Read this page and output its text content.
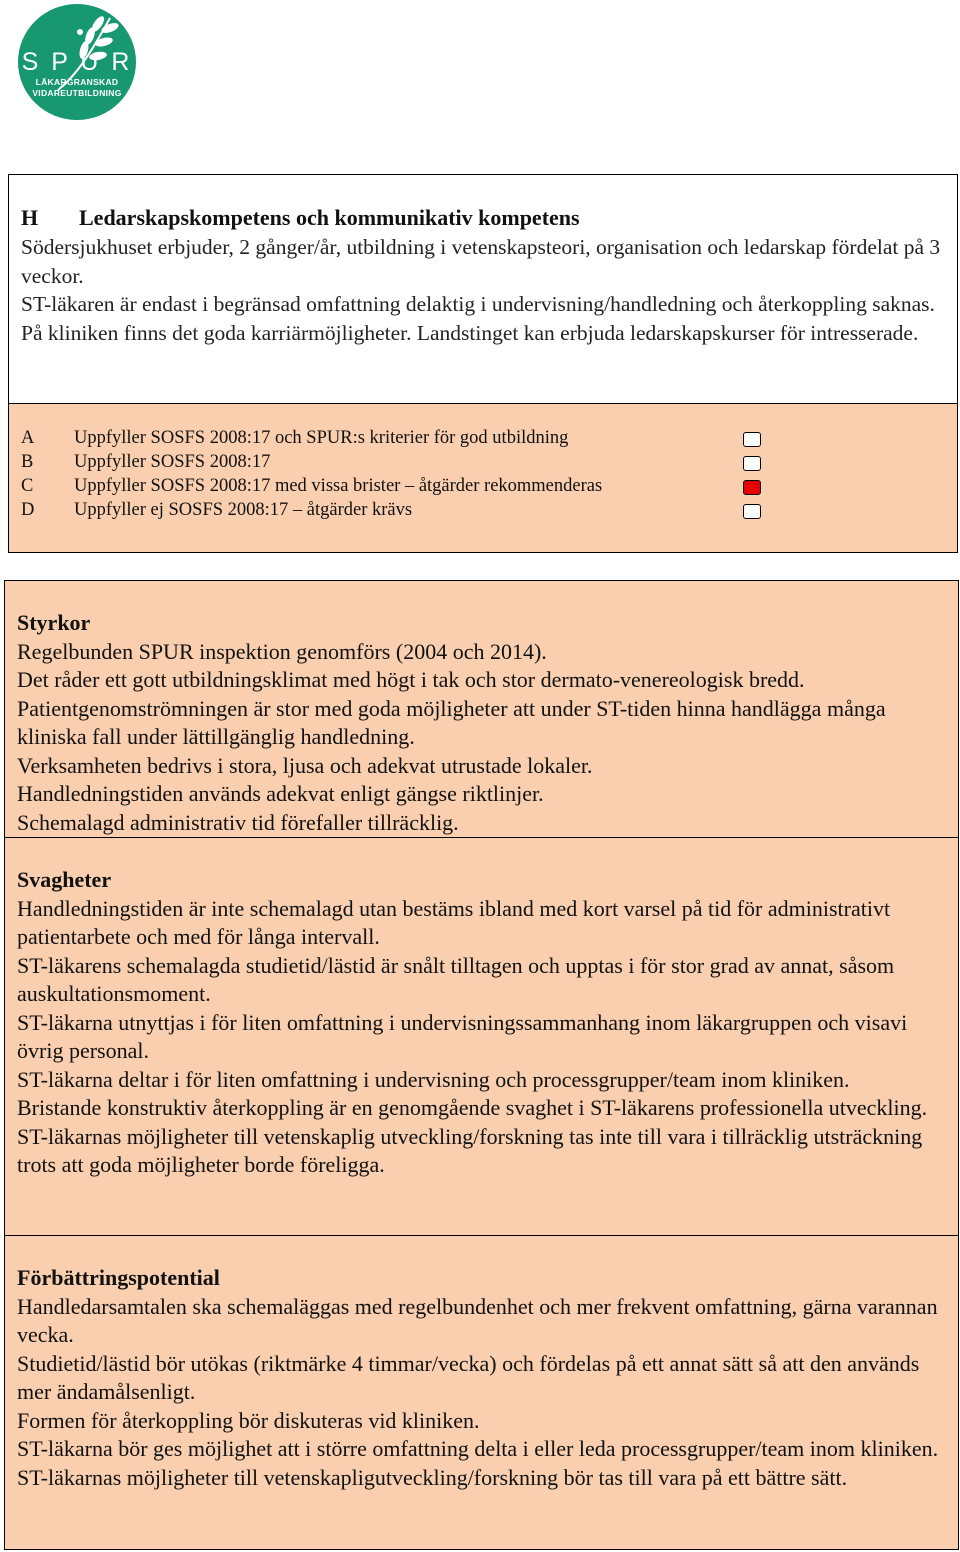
S P U R
LÄKARGRANSKAD
VIDAREUTBILDNING
H Ledarskapskompetens och kommunikativ kompetens

Södersjukhuset erbjuder, 2 gånger/år, utbildning i vetenskapsteori, organisation och ledarskap fördelat på 3 veckor.

ST-läkaren är endast i begränsad omfattning delaktig i undervisning/handledning och återkoppling saknas.

På kliniken finns det goda karriärmöjligheter. Landstinget kan erbjuda ledarskapskurser för intresserade.

A	Uppfyller SOSFS 2008:17 och SPUR:s kriterier för god utbildning
B	Uppfyller SOSFS 2008:17
C	Uppfyller SOSFS 2008:17 med vissa brister – åtgärder rekommenderas
D	Uppfyller ej SOSFS 2008:17 – åtgärder krävs
Styrkor

Regelbunden SPUR inspektion genomförs (2004 och 2014).

Det råder ett gott utbildningsklimat med högt i tak och stor dermato-venereologisk bredd.

Patientgenomströmningen är stor med goda möjligheter att under ST-tiden hinna handlägga många kliniska fall under lättillgänglig handledning.

Verksamheten bedrivs i stora, ljusa och adekvat utrustade lokaler.

Handledningstiden används adekvat enligt gängse riktlinjer.

Schemalagd administrativ tid förefaller tillräcklig.

Svagheter

Handledningstiden är inte schemalagd utan bestäms ibland med kort varsel på tid för administrativt patientarbete och med för långa intervall.

ST-läkarens schemalagda studietid/lästid är snålt tilltagen och upptas i för stor grad av annat, såsom auskultationsmoment.

ST-läkarna utnyttjas i för liten omfattning i undervisningssammanhang inom läkargruppen och visavi övrig personal.

ST-läkarna deltar i för liten omfattning i undervisning och processgrupper/team inom kliniken.

Bristande konstruktiv återkoppling är en genomgående svaghet i ST-läkarens professionella utveckling.

ST-läkarnas möjligheter till vetenskaplig utveckling/forskning tas inte till vara i tillräcklig utsträckning trots att goda möjligheter borde föreligga.

Förbättringspotential

Handledarsamtalen ska schemaläggas med regelbundenhet och mer frekvent omfattning, gärna varannan vecka.

Studietid/lästid bör utökas (riktmärke 4 timmar/vecka) och fördelas på ett annat sätt så att den används mer ändamålsenligt.

Formen för återkoppling bör diskuteras vid kliniken.

ST-läkarna bör ges möjlighet att i större omfattning delta i eller leda processgrupper/team inom kliniken.

ST-läkarnas möjligheter till vetenskapligutveckling/forskning bör tas till vara på ett bättre sätt.
